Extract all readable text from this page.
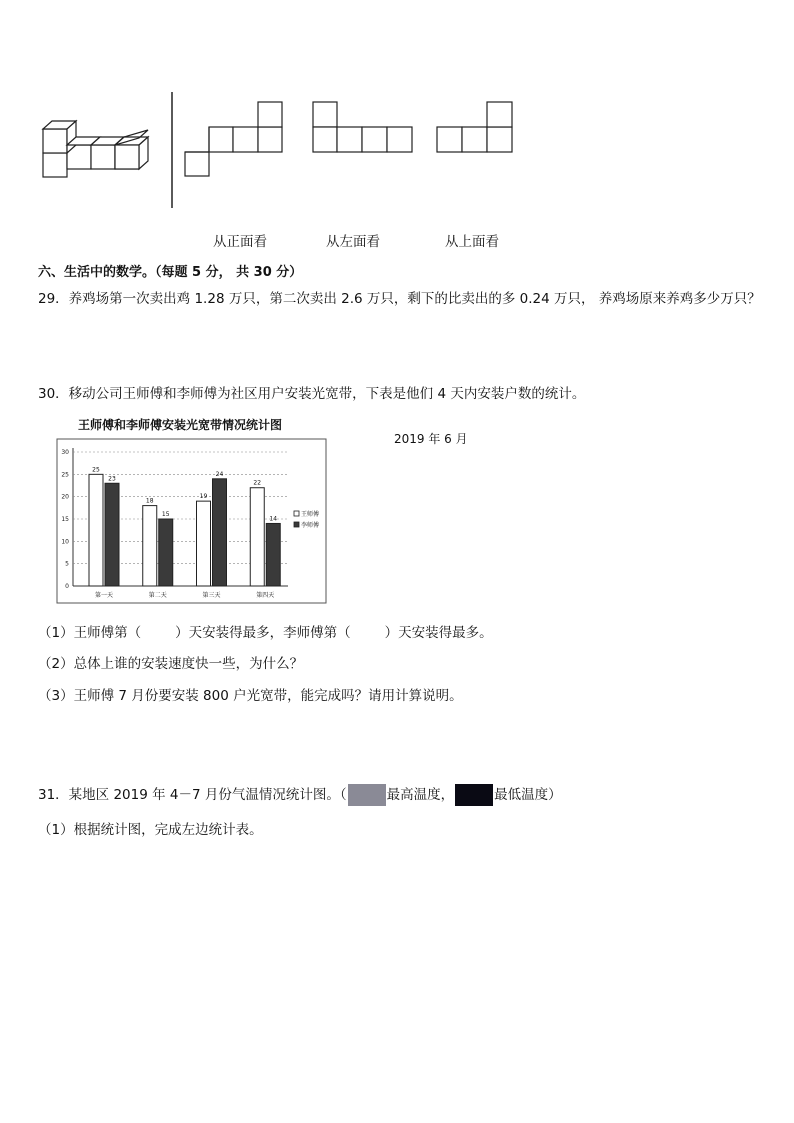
从正面看	从左面看	从上面看
六、生活中的数学。（每题 5 分， 共 30 分）
29．养鸡场第一次卖出鸡 1.28 万只，第二次卖出 2.6 万只，剩下的比卖出的多 0.24 万只， 养鸡场原来养鸡多少万只？
30．移动公司王师傅和李师傅为社区用户安装光宽带，下表是他们 4 天内安装户数的统计。
2019 年 6 月
王师傅和李师傅安装光宽带情况统计图
0
5
10
15
20
25
30
25
23
第一天
18
15
第二天
19
24
第三天
22
14
第四天
王师傅
李师傅
（1）王师傅第（	）天安装得最多，李师傅第（	）天安装得最多。
（2）总体上谁的安装速度快一些，为什么？
（3）王师傅 7 月份要安装 800 户光宽带，能完成吗？请用计算说明。
31．某地区 2019 年 4－7 月份气温情况统计图。（	最高温度，	最低温度）
（1）根据统计图，完成左边统计表。
